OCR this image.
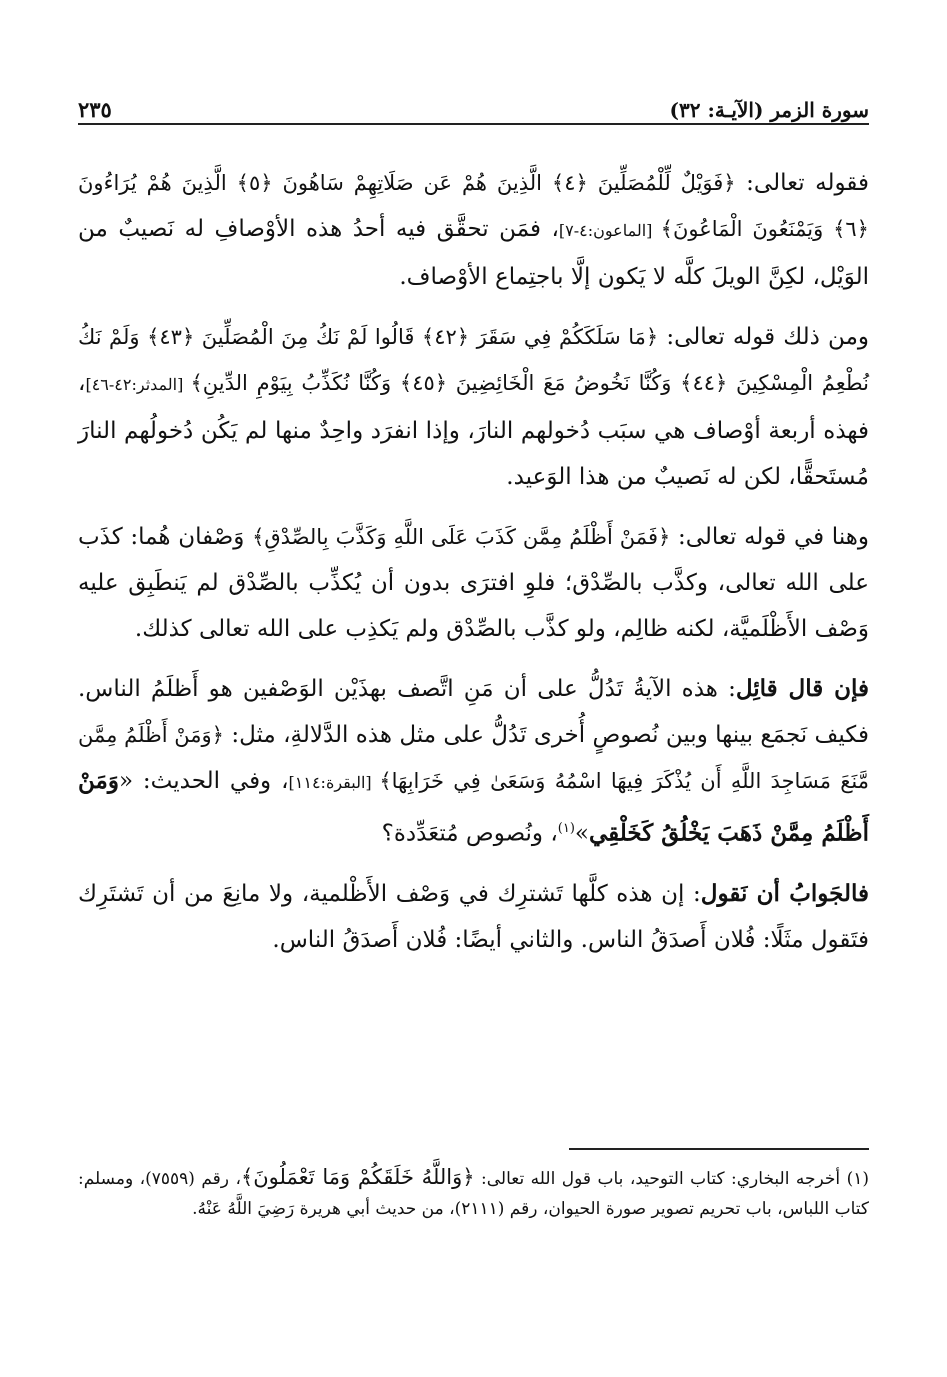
سورة الزمر (الآيـة: ٣٢)
٢٣٥

فقوله تعالى: ﴿فَوَيْلٌ لِّلْمُصَلِّينَ ﴿٤﴾ الَّذِينَ هُمْ عَن صَلَاتِهِمْ سَاهُونَ ﴿٥﴾ الَّذِينَ هُمْ يُرَاءُونَ ﴿٦﴾ وَيَمْنَعُونَ الْمَاعُونَ﴾ [الماعون:٤-٧]، فمَن تحقَّق فيه أحدُ هذه الأوْصافِ له نَصيبٌ من الوَيْل، لكِنَّ الويلَ كلَّه لا يَكون إلَّا باجتِماع الأوْصاف.

ومن ذلك قوله تعالى: ﴿مَا سَلَكَكُمْ فِي سَقَرَ ﴿٤٢﴾ قَالُوا لَمْ نَكُ مِنَ الْمُصَلِّينَ ﴿٤٣﴾ وَلَمْ نَكُ نُطْعِمُ الْمِسْكِينَ ﴿٤٤﴾ وَكُنَّا نَخُوضُ مَعَ الْخَائِضِينَ ﴿٤٥﴾ وَكُنَّا نُكَذِّبُ بِيَوْمِ الدِّينِ﴾ [المدثر:٤٢-٤٦]، فهذه أربعة أوْصاف هي سبَب دُخولهم النارَ، وإذا انفرَد واحِدٌ منها لم يَكُن دُخولُهم النارَ مُستَحقًّا، لكن له نَصيبٌ من هذا الوَعيد.

وهنا في قوله تعالى: ﴿فَمَنْ أَظْلَمُ مِمَّن كَذَبَ عَلَى اللَّهِ وَكَذَّبَ بِالصِّدْقِ﴾ وَصْفان هُما: كذَب على الله تعالى، وكذَّب بالصِّدْق؛ فلوِ افترَى بدون أن يُكذِّب بالصِّدْق لم يَنطَبِق عليه وَصْف الأَظْلَميَّة، لكنه ظالِم، ولو كذَّب بالصِّدْق ولم يَكذِب على الله تعالى كذلك.

فإن قال قائِل: هذه الآيةُ تَدُلُّ على أن مَنِ اتَّصف بهذَيْن الوَصْفين هو أَظلَمُ الناس. فكيف نَجمَع بينها وبين نُصوصٍ أُخرى تَدُلُّ على مثل هذه الدَّلالةِ، مثل: ﴿وَمَنْ أَظْلَمُ مِمَّن مَّنَعَ مَسَاجِدَ اللَّهِ أَن يُذْكَرَ فِيهَا اسْمُهُ وَسَعَىٰ فِي خَرَابِهَا﴾ [البقرة:١١٤]، وفي الحديث: «وَمَنْ أَظْلَمُ مِمَّنْ ذَهَبَ يَخْلُقُ كَخَلْقِي»$^{(١)}$، ونُصوص مُتعَدِّدة؟

فالجَوابُ أن نَقول: إن هذه كلَّها تَشترِك في وَصْف الأَظْلمية، ولا مانِعَ من أن تَشتَرِك فتَقول مثَلًا: فُلان أَصدَقُ الناس. والثاني أيضًا: فُلان أَصدَقُ الناس.

(١) أخرجه البخاري: كتاب التوحيد، باب قول الله تعالى: ﴿وَاللَّهُ خَلَقَكُمْ وَمَا تَعْمَلُونَ﴾، رقم (٧٥٥٩)، ومسلم: كتاب اللباس، باب تحريم تصوير صورة الحيوان، رقم (٢١١١)، من حديث أبي هريرة رَضِيَ اللَّهُ عَنْهُ.
